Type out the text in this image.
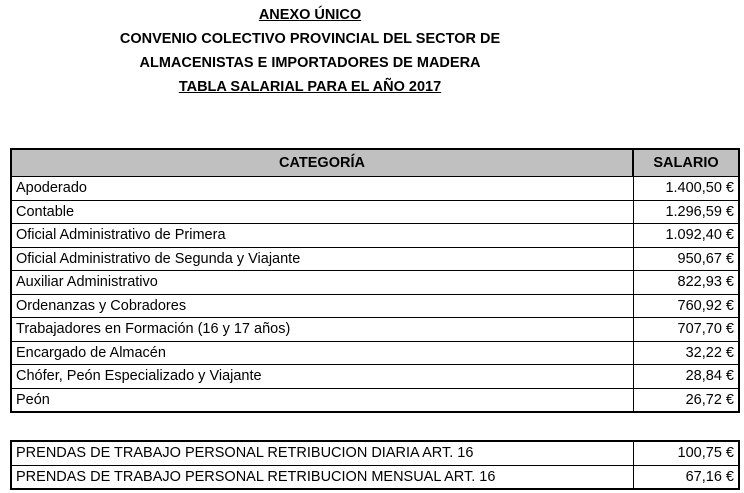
ANEXO ÚNICO
CONVENIO COLECTIVO PROVINCIAL DEL SECTOR DE
ALMACENISTAS E IMPORTADORES DE MADERA
TABLA SALARIAL PARA EL AÑO 2017
CATEGORÍA	SALARIO
Apoderado	1.400,50 €
Contable	1.296,59 €
Oficial Administrativo de Primera	1.092,40 €
Oficial Administrativo de Segunda y Viajante	950,67 €
Auxiliar Administrativo	822,93 €
Ordenanzas y Cobradores	760,92 €
Trabajadores en Formación (16 y 17 años)	707,70 €
Encargado de Almacén	32,22 €
Chófer, Peón Especializado y Viajante	28,84 €
Peón	26,72 €
PRENDAS DE TRABAJO PERSONAL RETRIBUCION DIARIA ART. 16	100,75 €
PRENDAS DE TRABAJO PERSONAL RETRIBUCION MENSUAL ART. 16	67,16 €
